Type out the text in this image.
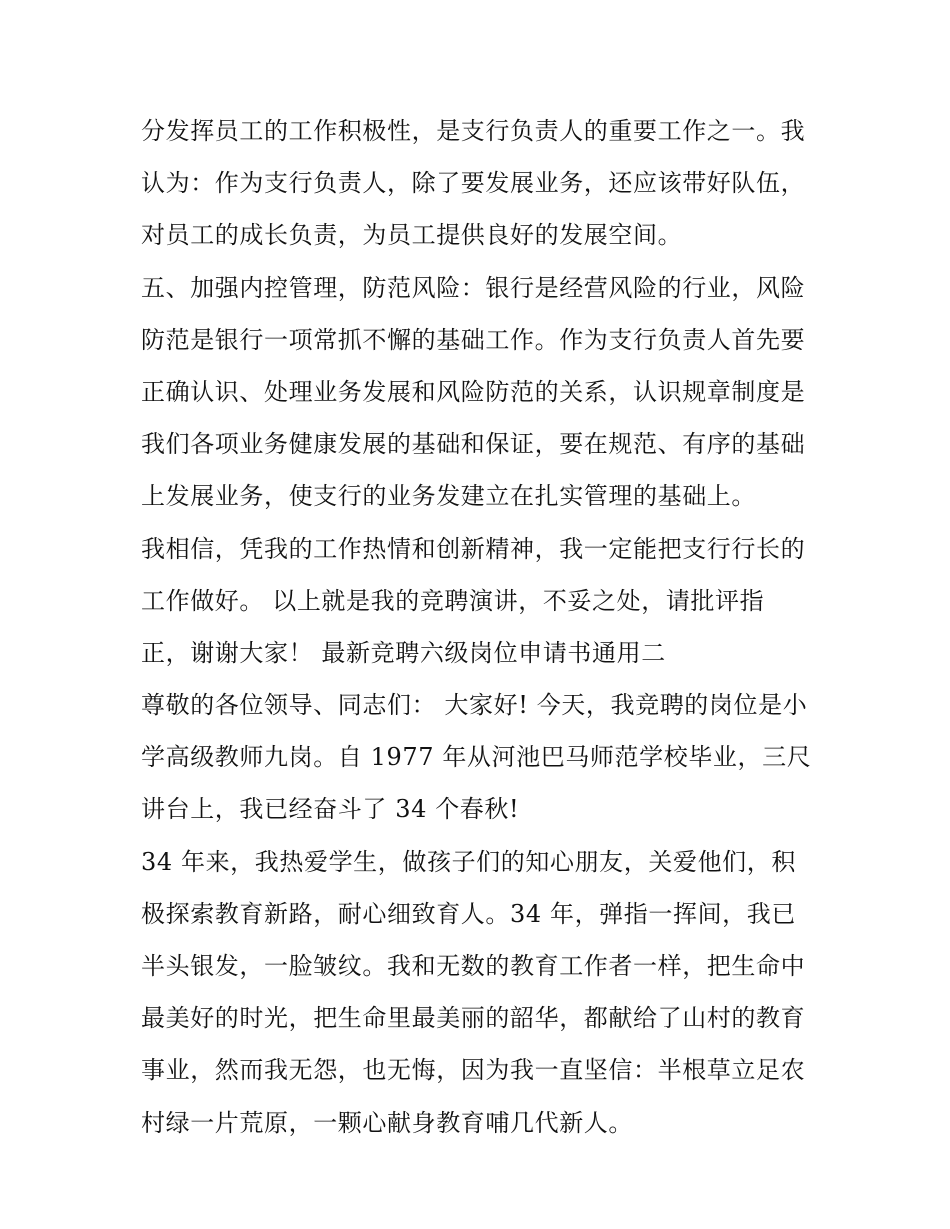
分发挥员工的工作积极性，是支行负责人的重要工作之一。我
认为：作为支行负责人，除了要发展业务，还应该带好队伍，
对员工的成长负责，为员工提供良好的发展空间。
五、加强内控管理，防范风险：银行是经营风险的行业，风险
防范是银行一项常抓不懈的基础工作。作为支行负责人首先要
正确认识、处理业务发展和风险防范的关系，认识规章制度是
我们各项业务健康发展的基础和保证，要在规范、有序的基础
上发展业务，使支行的业务发建立在扎实管理的基础上。
我相信，凭我的工作热情和创新精神，我一定能把支行行长的
工作做好。 以上就是我的竞聘演讲，不妥之处，请批评指
正，谢谢大家！ 最新竞聘六级岗位申请书通用二
尊敬的各位领导、同志们： 大家好! 今天，我竞聘的岗位是小
学高级教师九岗。自 1977 年从河池巴马师范学校毕业，三尺
讲台上，我已经奋斗了 34 个春秋!
34 年来，我热爱学生，做孩子们的知心朋友，关爱他们，积
极探索教育新路，耐心细致育人。34 年，弹指一挥间，我已
半头银发，一脸皱纹。我和无数的教育工作者一样，把生命中
最美好的时光，把生命里最美丽的韶华，都献给了山村的教育
事业，然而我无怨，也无悔，因为我一直坚信：半根草立足农
村绿一片荒原，一颗心献身教育哺几代新人。
